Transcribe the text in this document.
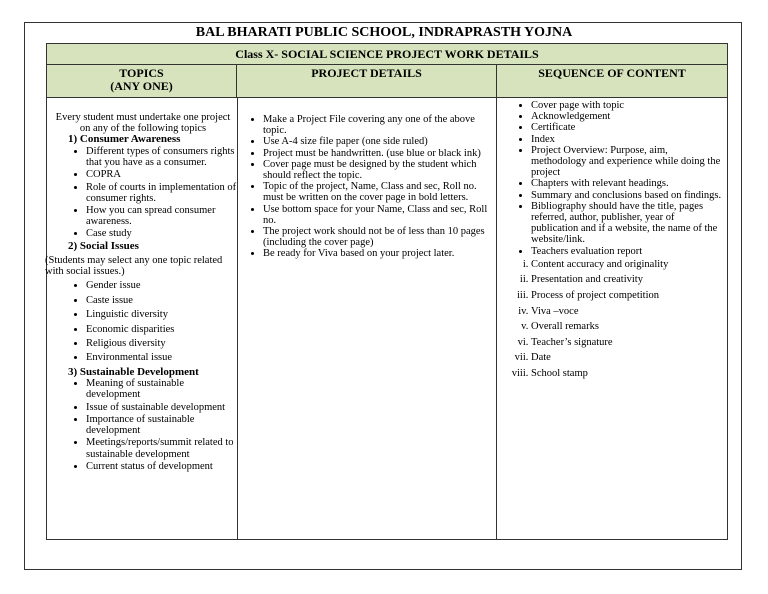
BAL BHARATI PUBLIC SCHOOL, INDRAPRASTH YOJNA
Class X- SOCIAL SCIENCE PROJECT WORK DETAILS
TOPICS
(ANY ONE)
PROJECT DETAILS	SEQUENCE OF CONTENT
Every student must undertake one project on any of the following topics
1) Consumer Awareness
• Different types of consumers rights that you have as a consumer.
• COPRA
• Role of courts in implementation of consumer rights.
• How you can spread consumer awareness.
• Case study
2) Social Issues
(Students may select any one topic related with social issues.)
• Gender issue
• Caste issue
• Linguistic diversity
• Economic disparities
• Religious diversity
• Environmental issue
3) Sustainable Development
• Meaning of sustainable development
• Issue of sustainable development
• Importance of sustainable development
• Meetings/reports/summit related to sustainable development
• Current status of development
• Make a Project File covering any one of the above topic.
• Use A-4 size file paper (one side ruled)
• Project must be handwritten. (use blue or black ink)
• Cover page must be designed by the student which should reflect the topic.
• Topic of the project, Name, Class and sec, Roll no. must be written on the cover page in bold letters.
• Use bottom space for your Name, Class and sec, Roll no.
• The project work should not be of less than 10 pages (including the cover page)
• Be ready for Viva based on your project later.
• Cover page with topic
• Acknowledgement
• Certificate
• Index
• Project Overview: Purpose, aim, methodology and experience while doing the project
• Chapters with relevant headings.
• Summary and conclusions based on findings.
• Bibliography should have the title, pages referred, author, publisher, year of publication and if a website, the name of the website/link.
• Teachers evaluation report
i. Content accuracy and originality
ii. Presentation and creativity
iii. Process of project competition
iv. Viva –voce
v. Overall remarks
vi. Teacher’s signature
vii. Date
viii. School stamp
